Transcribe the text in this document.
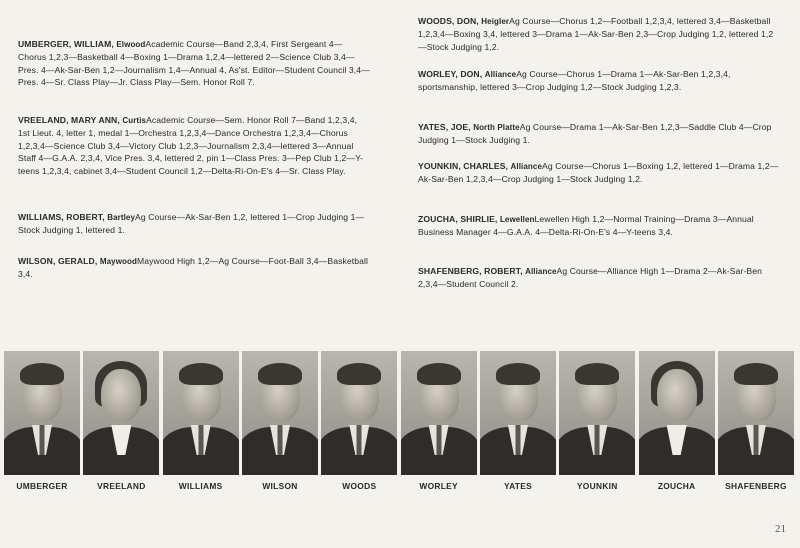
UMBERGER, WILLIAM, ElwoodAcademic Course—Band 2,3,4, First Sergeant 4—Chorus 1,2,3—Basketball 4—Boxing 1—Drama 1,2,4—lettered 2—Science Club 3,4—Pres. 4—Ak-Sar-Ben 1,2—Journalism 1,4—Annual 4, As'st. Editor—Student Council 3,4—Pres. 4—Sr. Class Play—Jr. Class Play—Sem. Honor Roll 7.
VREELAND, MARY ANN, CurtisAcademic Course—Sem. Honor Roll 7—Band 1,2,3,4, 1st Lieut. 4, letter 1, medal 1—Orchestra 1,2,3,4—Dance Orchestra 1,2,3,4—Chorus 1,2,3,4—Science Club 3,4—Victory Club 1,2,3—Journalism 2,3,4—lettered 3—Annual Staff 4—G.A.A. 2,3,4, Vice Pres. 3,4, lettered 2, pin 1—Class Pres. 3—Pep Club 1,2—Y-teens 1,2,3,4, cabinet 3,4—Student Council 1,2—Delta-Ri-On-E's 4—Sr. Class Play.
WILLIAMS, ROBERT, BartleyAg Course—Ak-Sar-Ben 1,2, lettered 1—Crop Judging 1—Stock Judging 1, lettered 1.
WILSON, GERALD, MaywoodMaywood High 1,2—Ag Course—Foot-Ball 3,4—Basketball 3,4.
WOODS, DON, HeiglerAg Course—Chorus 1,2—Football 1,2,3,4, lettered 3,4—Basketball 1,2,3,4—Boxing 3,4, lettered 3—Drama 1—Ak-Sar-Ben 2,3—Crop Judging 1,2, lettered 1,2—Stock Judging 1,2.
WORLEY, DON, AllianceAg Course—Chorus 1—Drama 1—Ak-Sar-Ben 1,2,3,4, sportsmanship, lettered 3—Crop Judging 1,2—Stock Judging 1,2,3.
YATES, JOE, North PlatteAg Course—Drama 1—Ak-Sar-Ben 1,2,3—Saddle Club 4—Crop Judging 1—Stock Judging 1.
YOUNKIN, CHARLES, AllianceAg Course—Chorus 1—Boxing 1,2, lettered 1—Drama 1,2—Ak-Sar-Ben 1,2,3,4—Crop Judging 1—Stock Judging 1,2.
ZOUCHA, SHIRLIE, LewellenLewellen High 1,2—Normal Training—Drama 3—Annual Business Manager 4—G.A.A. 4—Delta-Ri-On-E's 4—Y-teens 3,4.
SHAFENBERG, ROBERT, AllianceAg Course—Alliance High 1—Drama 2—Ak-Sar-Ben 2,3,4—Student Council 2.
UMBERGER	VREELAND	WILLIAMS	WILSON	WOODS	WORLEY	YATES	YOUNKIN	ZOUCHA	SHAFENBERG
21
